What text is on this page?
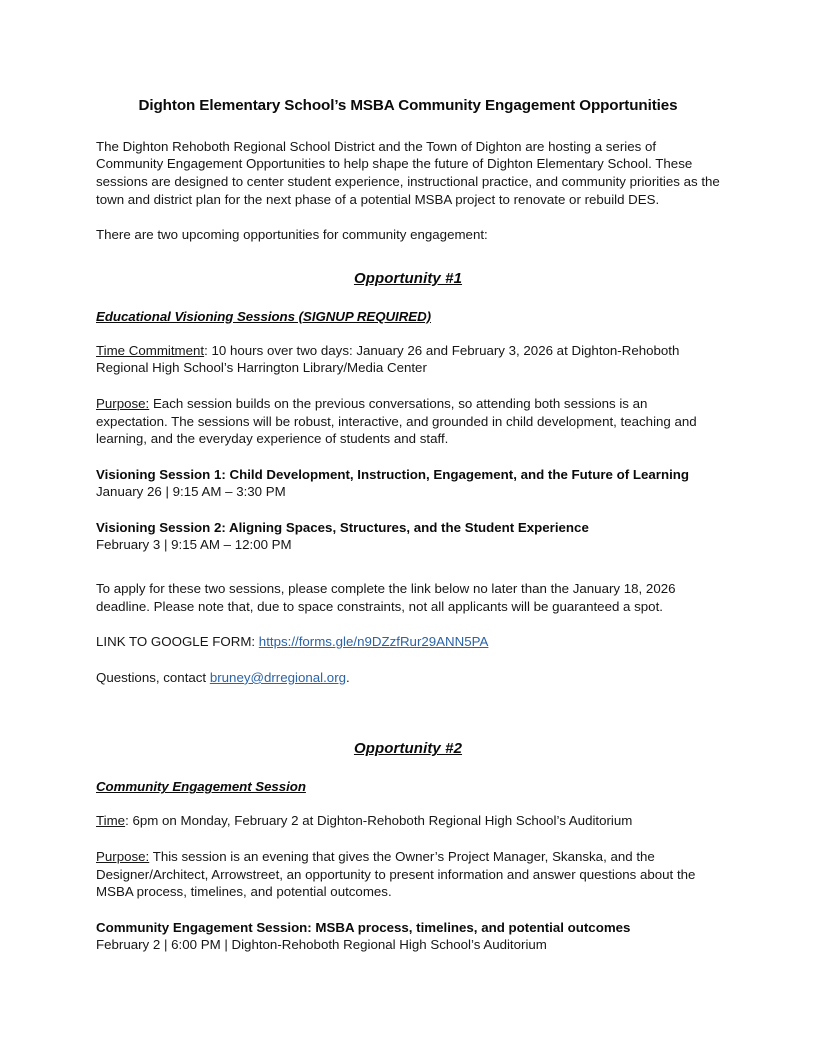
Dighton Elementary School’s MSBA Community Engagement Opportunities

The Dighton Rehoboth Regional School District and the Town of Dighton are hosting a series of Community Engagement Opportunities to help shape the future of Dighton Elementary School. These sessions are designed to center student experience, instructional practice, and community priorities as the town and district plan for the next phase of a potential MSBA project to renovate or rebuild DES.

There are two upcoming opportunities for community engagement:

Opportunity #1
Educational Visioning Sessions (SIGNUP REQUIRED)

Time Commitment: 10 hours over two days: January 26 and February 3, 2026 at Dighton-Rehoboth Regional High School’s Harrington Library/Media Center

Purpose: Each session builds on the previous conversations, so attending both sessions is an expectation. The sessions will be robust, interactive, and grounded in child development, teaching and learning, and the everyday experience of students and staff.

Visioning Session 1: Child Development, Instruction, Engagement, and the Future of Learning

January 26 | 9:15 AM – 3:30 PM

Visioning Session 2: Aligning Spaces, Structures, and the Student Experience

February 3 | 9:15 AM – 12:00 PM

To apply for these two sessions, please complete the link below no later than the January 18, 2026 deadline. Please note that, due to space constraints, not all applicants will be guaranteed a spot.

LINK TO GOOGLE FORM: https://forms.gle/n9DZzfRur29ANN5PA

Questions, contact bruney@drregional.org.

Opportunity #2
Community Engagement Session

Time: 6pm on Monday, February 2 at Dighton-Rehoboth Regional High School’s Auditorium

Purpose: This session is an evening that gives the Owner’s Project Manager, Skanska, and the Designer/Architect, Arrowstreet, an opportunity to present information and answer questions about the MSBA process, timelines, and potential outcomes.

Community Engagement Session: MSBA process, timelines, and potential outcomes

February 2 | 6:00 PM | Dighton-Rehoboth Regional High School’s Auditorium
